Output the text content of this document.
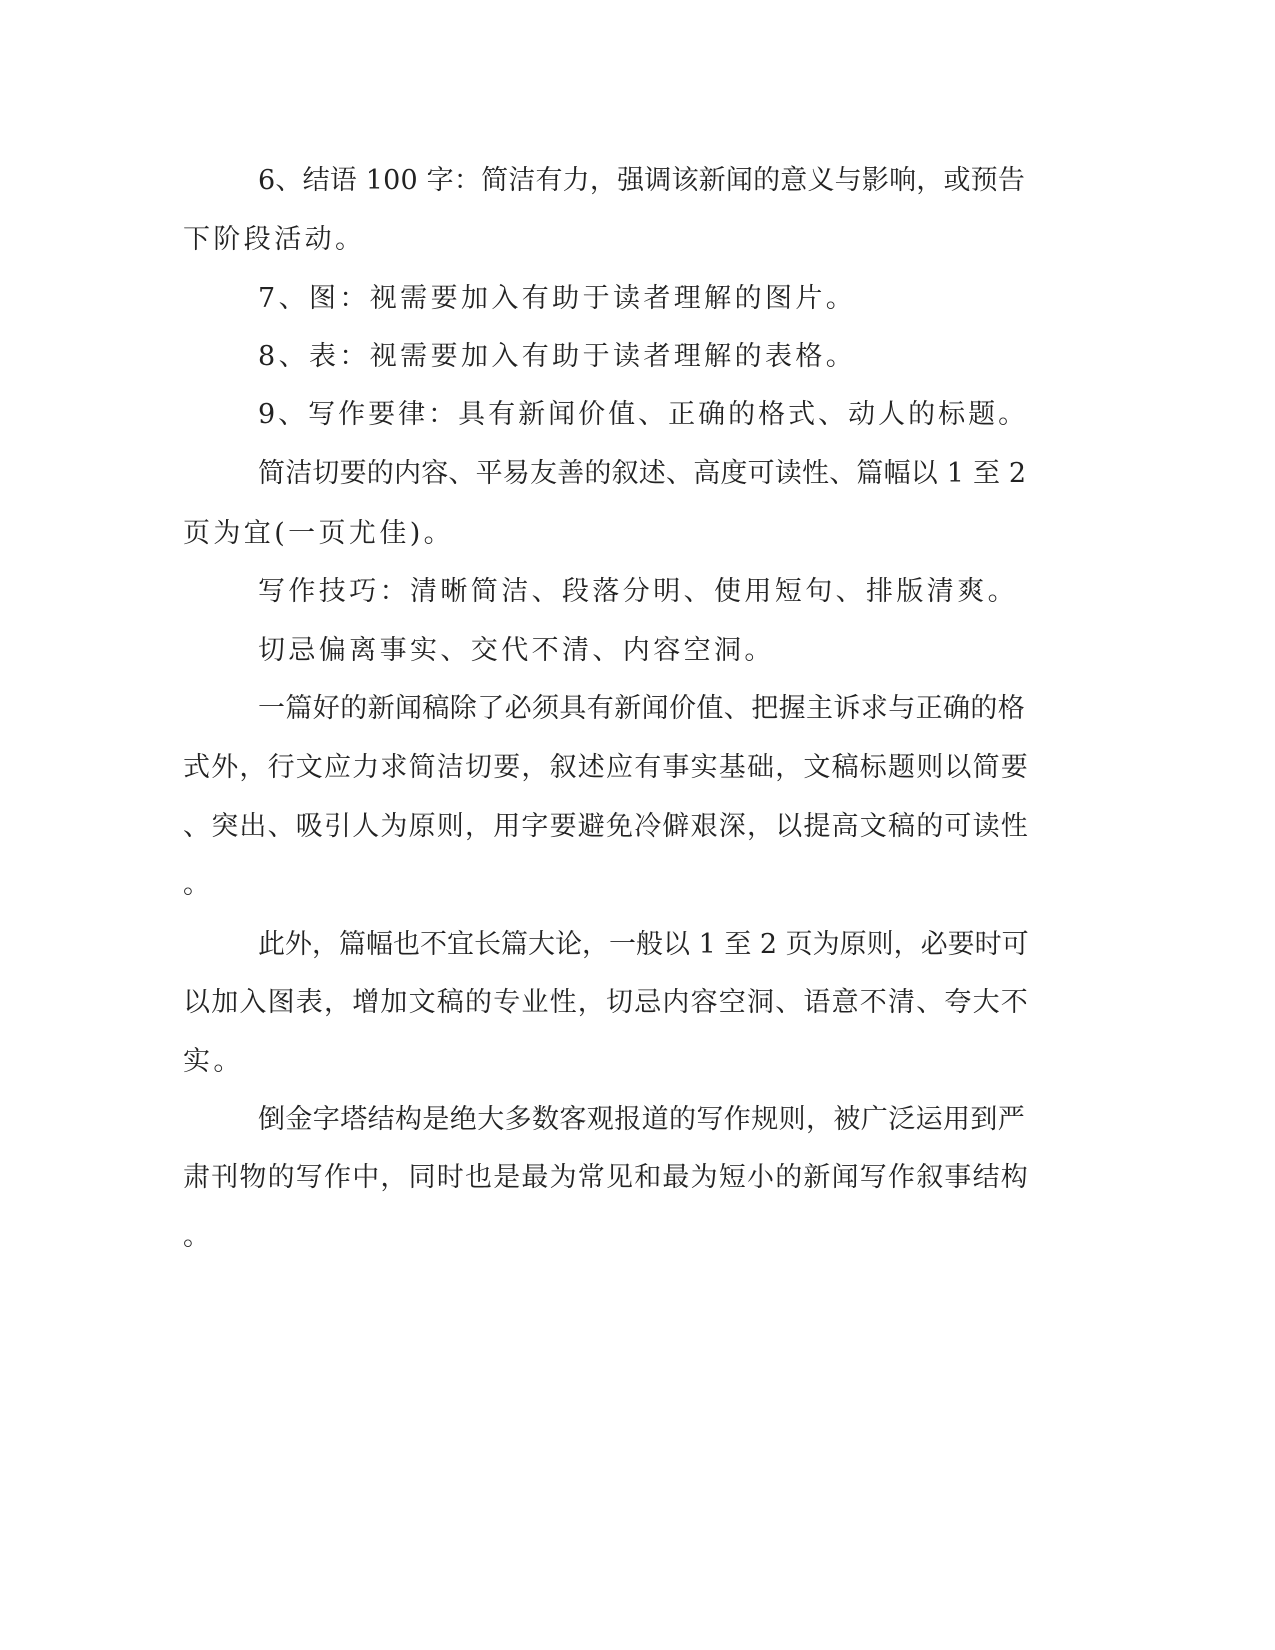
6、结语 100 字：简洁有力，强调该新闻的意义与影响，或预告

下阶段活动。

7、图：视需要加入有助于读者理解的图片。

8、表：视需要加入有助于读者理解的表格。

9、写作要律：具有新闻价值、正确的格式、动人的标题。

简洁切要的内容、平易友善的叙述、高度可读性、篇幅以 1 至 2

页为宜(一页尤佳)。

写作技巧：清晰简洁、段落分明、使用短句、排版清爽。

切忌偏离事实、交代不清、内容空洞。

一篇好的新闻稿除了必须具有新闻价值、把握主诉求与正确的格

式外，行文应力求简洁切要，叙述应有事实基础，文稿标题则以简要

、突出、吸引人为原则，用字要避免冷僻艰深，以提高文稿的可读性

。

此外，篇幅也不宜长篇大论，一般以 1 至 2 页为原则，必要时可

以加入图表，增加文稿的专业性，切忌内容空洞、语意不清、夸大不

实。

倒金字塔结构是绝大多数客观报道的写作规则，被广泛运用到严

肃刊物的写作中，同时也是最为常见和最为短小的新闻写作叙事结构

。
